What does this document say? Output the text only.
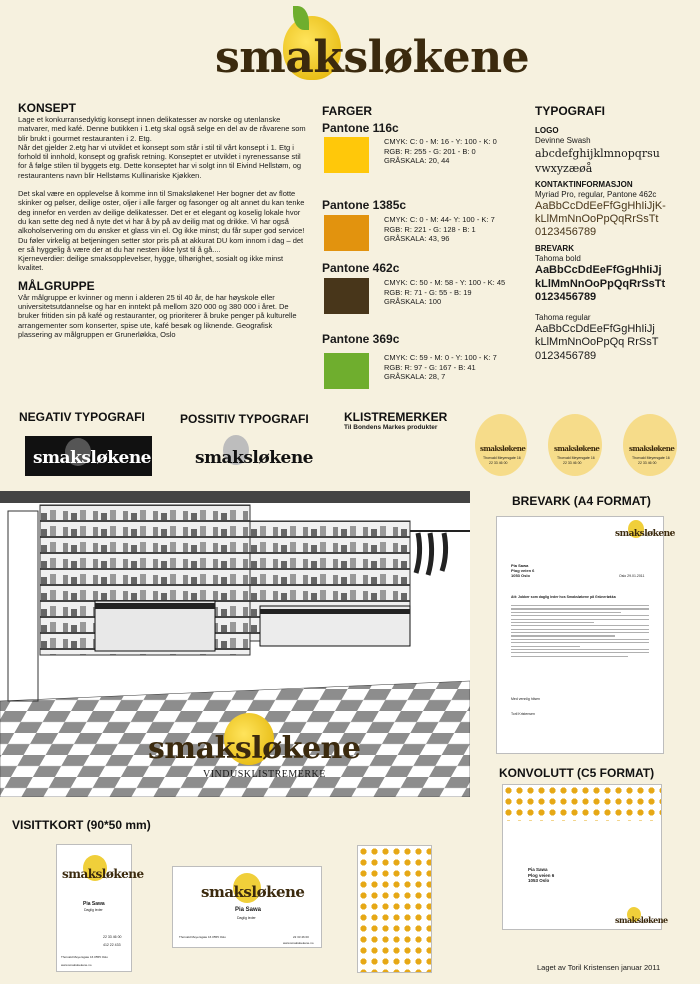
smaksløkene
KONSEPT

Lage et konkurransedyktig konsept innen delikatesser av norske og utenlanske matvarer, med kafé. Denne butikken i 1.etg skal også selge en del av de råvarene som blir brukt i gourmet restauranten i 2. Etg.

Når det gjelder 2.etg har vi utviklet et konsept som står i stil til vårt konsept i 1. Etg i forhold til innhold, konsept og grafisk retning. Konseptet er utviklet i nyrenessanse stil for å følge stilen til byggets etg. Dette konseptet har vi solgt inn til Eivind Hellstøm, og restaurantens navn blir Hellstøms Kullinariske Kjøkken.

Det skal være en opplevelse å komme inn til Smaksløkene! Her bogner det av flotte skinker og pølser, deilige oster, oljer i alle farger og fasonger og alt annet du kan tenke deg innefor en verden av deilige delikatesser. Det er et elegant og koselig lokale hvor du kan sette deg ned å nyte det vi har å by på av deilig mat og drikke. Vi har også alkoholservering om du ønsker et glass vin el. Og ikke minst; du får super god service! Du føler virkelig at betjeningen setter stor pris på at akkurat DU kom innom i dag – det er så hyggelig å være der at du har nesten ikke lyst til å gå....

Kjerneverdier: deilige smaksopplevelser, hygge, tilhørighet, sosialt og ikke minst kvalitet.

MÅLGRUPPE

Vår målgruppe er kvinner og menn i alderen 25 til 40 år, de har høyskole eller universitetsutdannelse og har en inntekt på mellom 320 000 og 380 000 i året. De bruker fritiden sin på kafé og restauranter, og prioriterer å bruke penger på kulturelle arrangementer som konserter, spise ute, kafé besøk og liknende. Geografisk plassering av målgruppen er Grunerløkka, Oslo

FARGER
Pantone 116c
CMYK: C: 0 - M: 16 - Y: 100 - K: 0
RGB: R: 255 - G: 201 - B: 0
GRÅSKALA: 20, 44
Pantone 1385c
CMYK: C: 0 - M: 44- Y: 100 - K: 7
RGB: R: 221 - G: 128 - B: 1
GRÅSKALA: 43, 96
Pantone 462c
CMYK: C: 50 - M: 58 - Y: 100 - K: 45
RGB: R: 71 - G: 55 - B: 19
GRÅSKALA: 100
Pantone 369c
CMYK: C: 59 - M: 0 - Y: 100 - K: 7
RGB: R: 97 - G: 167 - B: 41
GRÅSKALA: 28, 7
TYPOGRAFI
LOGO
Devinne Swash
abcdefghijklmnopqrsu vwxyzæøå
KONTAKTINFORMASJON
Myriad Pro, regular, Pantone 462c
AaBbCcDdEeFfGgHhIiJjK-
kLlMmNnOoPpQqRrSsTt
0123456789
BREVARK
Tahoma bold
AaBbCcDdEeFfGgHhIiJj
kLlMmNnOoPpQqRrSsTt
0123456789
Tahoma regular
AaBbCcDdEeFfGgHhIiJj
kLlMmNnOoPpQq RrSsT
0123456789
NEGATIV TYPOGRAFI
smaksløkene
POSSITIV TYPOGRAFI
smaksløkene
KLISTREMERKER
Til Bondens Markes produkter
smaksløkene
Thorvald Meyersgate 16
22 33 46 00
smaksløkene
Thorvald Meyersgate 16
22 33 46 00
smaksløkene
Thorvald Meyersgate 16
22 33 46 00
smaksløkene
VINDUSKLISTREMERKE
BREVARK (A4 FORMAT)
smaksløkene
Pia Sawa
Plog veien 6
1053 Oslo	Oslo 29.01.2011
Att: Jobber som daglig leder hos Smaksløkene på Grünerløkka
Med vennlig hilsen
Toril Kristensen
KONVOLUTT (C5 FORMAT)
Pia Sawa
Plog veien 6
1053 Oslo
smaksløkene
VISITTKORT (90*50 mm)
smaksløkene
Pia Sawa
Daglig leder
22 33 46 00
412 22 433
Thorvald Meyersgate 16 0555 Oslo
www.smaksloekene.no
smaksløkene
Pia Sawa
Daglig leder
Thorvald Meyersgate 16 0555 Oslo	22 33 46 00
www.smaksloekene.no
Laget av Toril Kristensen januar 2011
